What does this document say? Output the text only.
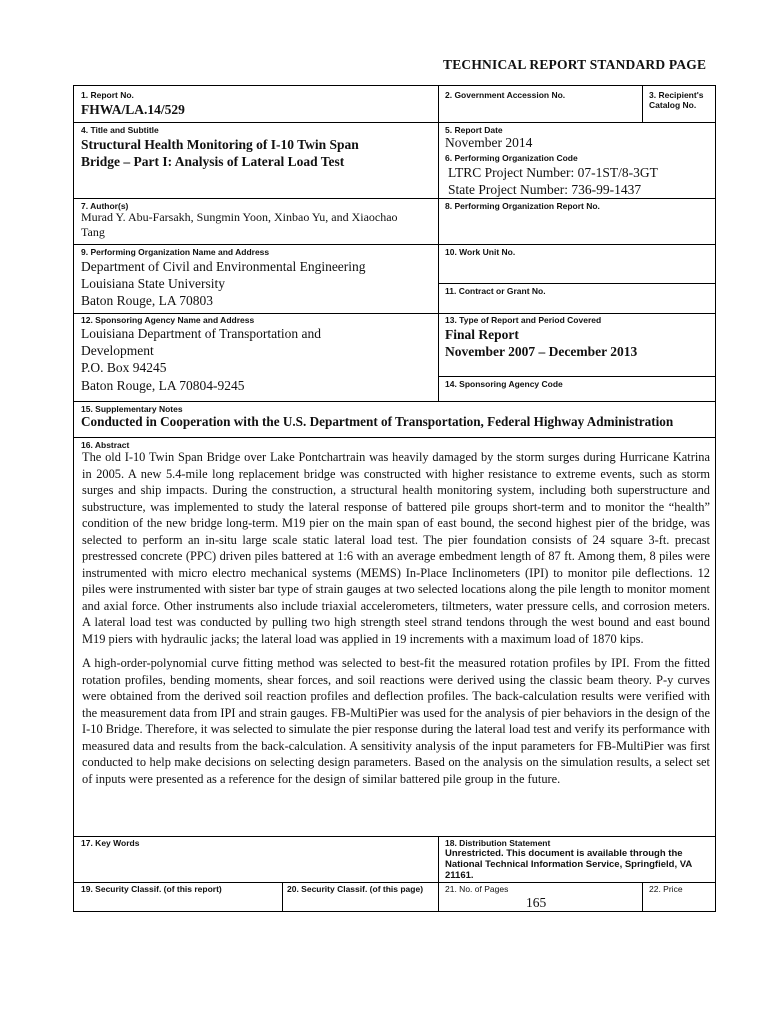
TECHNICAL REPORT STANDARD PAGE
1. Report No.
FHWA/LA.14/529
2. Government Accession No.	3. Recipient's Catalog No.
4. Title and Subtitle
Structural Health Monitoring of I-10 Twin Span
Bridge – Part I: Analysis of Lateral Load Test
5. Report Date
November 2014
6. Performing Organization Code
LTRC Project Number: 07-1ST/8-3GT
State Project Number: 736-99-1437
7. Author(s)
Murad Y. Abu-Farsakh, Sungmin Yoon, Xinbao Yu, and Xiaochao
Tang
8. Performing Organization Report No.
9. Performing Organization Name and Address
Department of Civil and Environmental Engineering
Louisiana State University
Baton Rouge, LA 70803
10. Work Unit No.
11. Contract or Grant No.
12. Sponsoring Agency Name and Address
Louisiana Department of Transportation and
Development
P.O. Box 94245
Baton Rouge, LA 70804-9245
13. Type of Report and Period Covered
Final Report
November 2007 – December 2013
14. Sponsoring Agency Code
15. Supplementary Notes
Conducted in Cooperation with the U.S. Department of Transportation, Federal Highway Administration
16. Abstract

The old I-10 Twin Span Bridge over Lake Pontchartrain was heavily damaged by the storm surges during Hurricane Katrina in 2005. A new 5.4-mile long replacement bridge was constructed with higher resistance to extreme events, such as storm surges and ship impacts. During the construction, a structural health monitoring system, including both superstructure and substructure, was implemented to study the lateral response of battered pile groups short-term and to monitor the “health” condition of the new bridge long-term. M19 pier on the main span of east bound, the second highest pier of the bridge, was selected to perform an in-situ large scale static lateral load test. The pier foundation consists of 24 square 3-ft. precast prestressed concrete (PPC) driven piles battered at 1:6 with an average embedment length of 87 ft. Among them, 8 piles were instrumented with micro electro mechanical systems (MEMS) In-Place Inclinometers (IPI) to monitor pile deflections. 12 piles were instrumented with sister bar type of strain gauges at two selected locations along the pile length to monitor moment and axial force. Other instruments also include triaxial accelerometers, tiltmeters, water pressure cells, and corrosion meters. A lateral load test was conducted by pulling two high strength steel strand tendons through the west bound and east bound M19 piers with hydraulic jacks; the lateral load was applied in 19 increments with a maximum load of 1870 kips.

A high-order-polynomial curve fitting method was selected to best-fit the measured rotation profiles by IPI. From the fitted rotation profiles, bending moments, shear forces, and soil reactions were derived using the classic beam theory. P-y curves were obtained from the derived soil reaction profiles and deflection profiles. The back-calculation results were verified with the measurement data from IPI and strain gauges. FB-MultiPier was used for the analysis of pier behaviors in the design of the I-10 Bridge. Therefore, it was selected to simulate the pier response during the lateral load test and verify its performance with measured data and results from the back-calculation. A sensitivity analysis of the input parameters for FB-MultiPier was first conducted to help make decisions on selecting design parameters. Based on the analysis on the simulation results, a select set of inputs were presented as a reference for the design of similar battered pile group in the future.

17. Key Words	18. Distribution Statement
Unrestricted. This document is available through the National Technical Information Service, Springfield, VA 21161.
19. Security Classif. (of this report)	20. Security Classif. (of this page)	21. No. of Pages
165
22. Price
